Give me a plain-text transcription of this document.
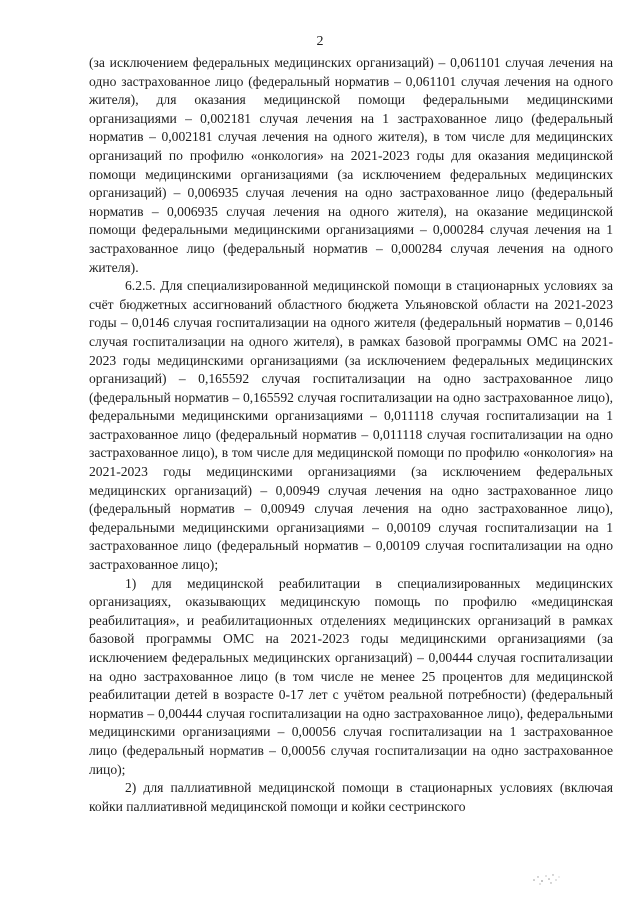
2

(за исключением федеральных медицинских организаций) – 0,061101 случая лечения на одно застрахованное лицо (федеральный норматив – 0,061101 случая лечения на одного жителя), для оказания медицинской помощи федеральными медицинскими организациями – 0,002181 случая лечения на 1 застрахованное лицо (федеральный норматив – 0,002181 случая лечения на одного жителя), в том числе для медицинских организаций по профилю «онкология» на 2021-2023 годы для оказания медицинской помощи медицинскими организациями (за исключением федеральных медицинских организаций) – 0,006935 случая лечения на одно застрахованное лицо (федеральный норматив – 0,006935 случая лечения на одного жителя), на оказание медицинской помощи федеральными медицинскими организациями – 0,000284 случая лечения на 1 застрахованное лицо (федеральный норматив – 0,000284 случая лечения на одного жителя).

6.2.5. Для специализированной медицинской помощи в стационарных условиях за счёт бюджетных ассигнований областного бюджета Ульяновской области на 2021-2023 годы – 0,0146 случая госпитализации на одного жителя (федеральный норматив – 0,0146 случая госпитализации на одного жителя), в рамках базовой программы ОМС на 2021-2023 годы медицинскими организациями (за исключением федеральных медицинских организаций) – 0,165592 случая госпитализации на одно застрахованное лицо (федеральный норматив – 0,165592 случая госпитализации на одно застрахованное лицо), федеральными медицинскими организациями – 0,011118 случая госпитализации на 1 застрахованное лицо (федеральный норматив – 0,011118 случая госпитализации на одно застрахованное лицо), в том числе для медицинской помощи по профилю «онкология» на 2021-2023 годы медицинскими организациями (за исключением федеральных медицинских организаций) – 0,00949 случая лечения на одно застрахованное лицо (федеральный норматив – 0,00949 случая лечения на одно застрахованное лицо), федеральными медицинскими организациями – 0,00109 случая госпитализации на 1 застрахованное лицо (федеральный норматив – 0,00109 случая госпитализации на одно застрахованное лицо);

1) для медицинской реабилитации в специализированных медицинских организациях, оказывающих медицинскую помощь по профилю «медицинская реабилитация», и реабилитационных отделениях медицинских организаций в рамках базовой программы ОМС на 2021-2023 годы медицинскими организациями (за исключением федеральных медицинских организаций) – 0,00444 случая госпитализации на одно застрахованное лицо (в том числе не менее 25 процентов для медицинской реабилитации детей в возрасте 0-17 лет с учётом реальной потребности) (федеральный норматив – 0,00444 случая госпитализации на одно застрахованное лицо), федеральными медицинскими организациями – 0,00056 случая госпитализации на 1 застрахованное лицо (федеральный норматив – 0,00056 случая госпитализации на одно застрахованное лицо);

2) для паллиативной медицинской помощи в стационарных условиях (включая койки паллиативной медицинской помощи и койки сестринского
